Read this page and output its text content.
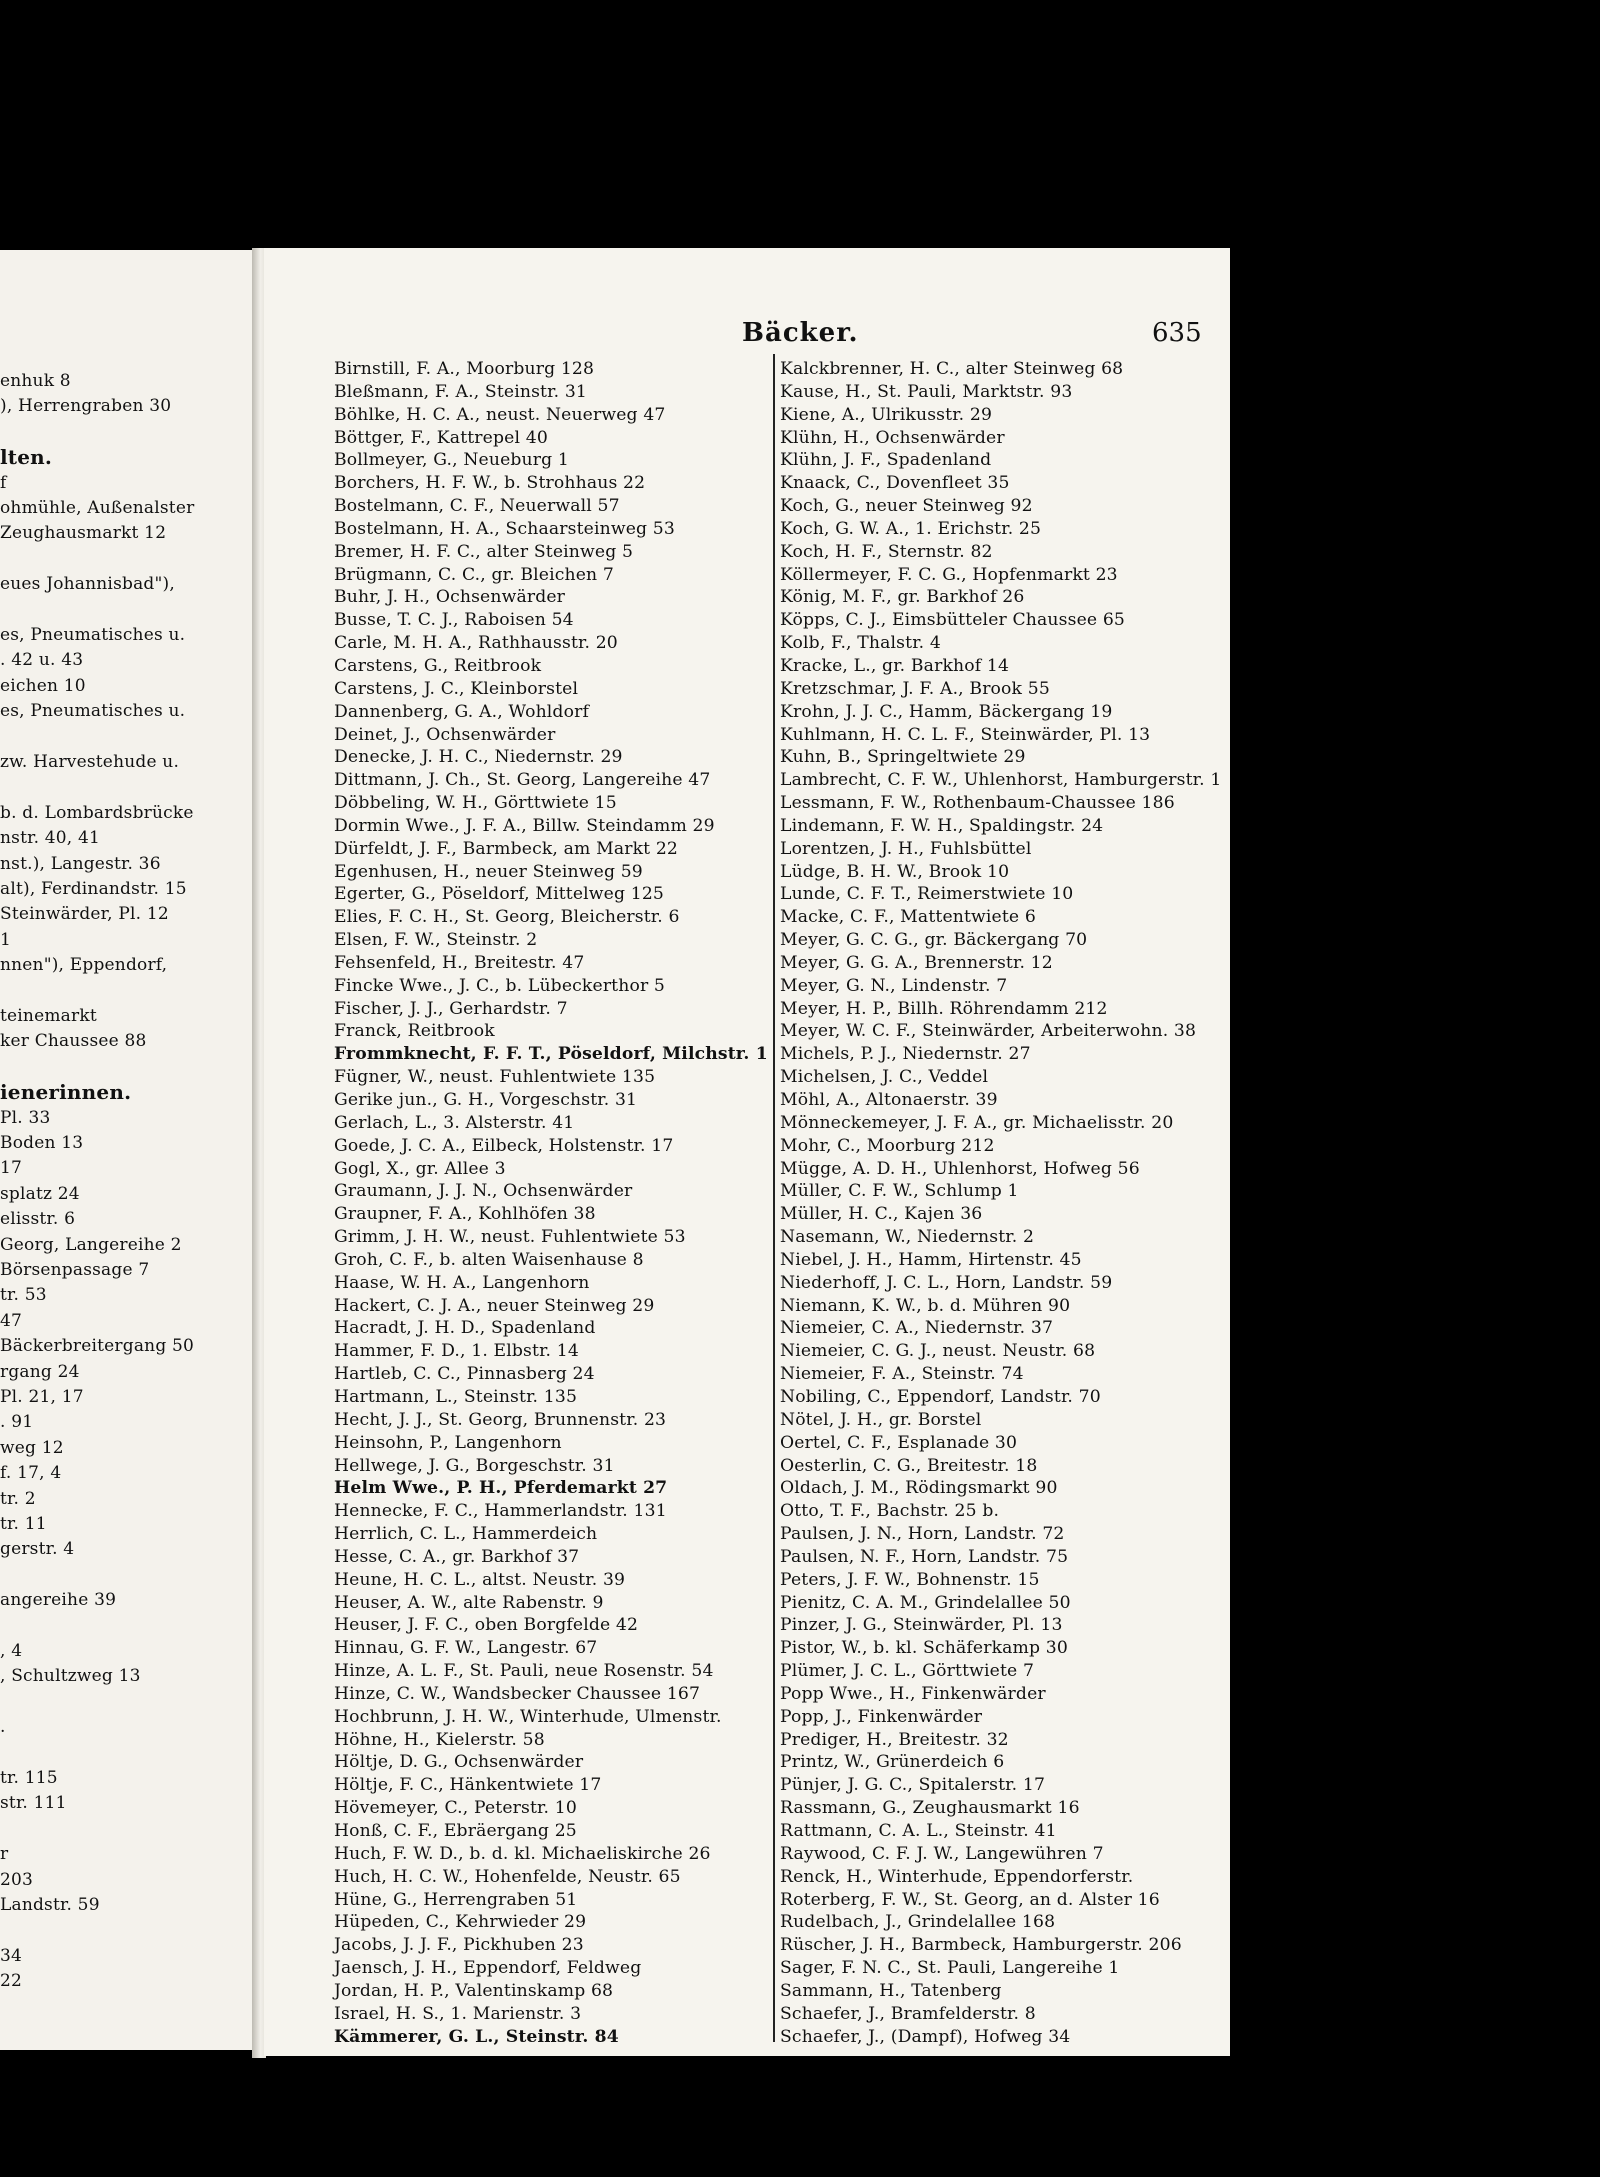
enhuk 8
), Herrengraben 30
lten.
f
ohmühle, Außenalster
Zeughausmarkt 12
eues Johannisbad"),
es, Pneumatisches u.
. 42 u. 43
eichen 10
es, Pneumatisches u.
zw. Harvestehude u.
b. d. Lombardsbrücke
nstr. 40, 41
nst.), Langestr. 36
alt), Ferdinandstr. 15
Steinwärder, Pl. 12
1
nnen"), Eppendorf,
teinemarkt
ker Chaussee 88
ienerinnen.
Pl. 33
Boden 13
17
splatz 24
elisstr. 6
Georg, Langereihe 2
Börsenpassage 7
tr. 53
47
Bäckerbreitergang 50
rgang 24
Pl. 21, 17
. 91
weg 12
f. 17, 4
tr. 2
tr. 11
gerstr. 4
angereihe 39
, 4
, Schultzweg 13
.
tr. 115
str. 111
r
203
Landstr. 59
34
22
Bäcker.	635
Birnstill, F. A., Moorburg 128
Bleßmann, F. A., Steinstr. 31
Böhlke, H. C. A., neust. Neuerweg 47
Böttger, F., Kattrepel 40
Bollmeyer, G., Neueburg 1
Borchers, H. F. W., b. Strohhaus 22
Bostelmann, C. F., Neuerwall 57
Bostelmann, H. A., Schaarsteinweg 53
Bremer, H. F. C., alter Steinweg 5
Brügmann, C. C., gr. Bleichen 7
Buhr, J. H., Ochsenwärder
Busse, T. C. J., Raboisen 54
Carle, M. H. A., Rathhausstr. 20
Carstens, G., Reitbrook
Carstens, J. C., Kleinborstel
Dannenberg, G. A., Wohldorf
Deinet, J., Ochsenwärder
Denecke, J. H. C., Niedernstr. 29
Dittmann, J. Ch., St. Georg, Langereihe 47
Döbbeling, W. H., Görttwiete 15
Dormin Wwe., J. F. A., Billw. Steindamm 29
Dürfeldt, J. F., Barmbeck, am Markt 22
Egenhusen, H., neuer Steinweg 59
Egerter, G., Pöseldorf, Mittelweg 125
Elies, F. C. H., St. Georg, Bleicherstr. 6
Elsen, F. W., Steinstr. 2
Fehsenfeld, H., Breitestr. 47
Fincke Wwe., J. C., b. Lübeckerthor 5
Fischer, J. J., Gerhardstr. 7
Franck, Reitbrook
Frommknecht, F. F. T., Pöseldorf, Milchstr. 1
Fügner, W., neust. Fuhlentwiete 135
Gerike jun., G. H., Vorgeschstr. 31
Gerlach, L., 3. Alsterstr. 41
Goede, J. C. A., Eilbeck, Holstenstr. 17
Gogl, X., gr. Allee 3
Graumann, J. J. N., Ochsenwärder
Graupner, F. A., Kohlhöfen 38
Grimm, J. H. W., neust. Fuhlentwiete 53
Groh, C. F., b. alten Waisenhause 8
Haase, W. H. A., Langenhorn
Hackert, C. J. A., neuer Steinweg 29
Hacradt, J. H. D., Spadenland
Hammer, F. D., 1. Elbstr. 14
Hartleb, C. C., Pinnasberg 24
Hartmann, L., Steinstr. 135
Hecht, J. J., St. Georg, Brunnenstr. 23
Heinsohn, P., Langenhorn
Hellwege, J. G., Borgeschstr. 31
Helm Wwe., P. H., Pferdemarkt 27
Hennecke, F. C., Hammerlandstr. 131
Herrlich, C. L., Hammerdeich
Hesse, C. A., gr. Barkhof 37
Heune, H. C. L., altst. Neustr. 39
Heuser, A. W., alte Rabenstr. 9
Heuser, J. F. C., oben Borgfelde 42
Hinnau, G. F. W., Langestr. 67
Hinze, A. L. F., St. Pauli, neue Rosenstr. 54
Hinze, C. W., Wandsbecker Chaussee 167
Hochbrunn, J. H. W., Winterhude, Ulmenstr.
Höhne, H., Kielerstr. 58
Höltje, D. G., Ochsenwärder
Höltje, F. C., Hänkentwiete 17
Hövemeyer, C., Peterstr. 10
Honß, C. F., Ebräergang 25
Huch, F. W. D., b. d. kl. Michaeliskirche 26
Huch, H. C. W., Hohenfelde, Neustr. 65
Hüne, G., Herrengraben 51
Hüpeden, C., Kehrwieder 29
Jacobs, J. J. F., Pickhuben 23
Jaensch, J. H., Eppendorf, Feldweg
Jordan, H. P., Valentinskamp 68
Israel, H. S., 1. Marienstr. 3
Kämmerer, G. L., Steinstr. 84
Kalckbrenner, H. C., alter Steinweg 68
Kause, H., St. Pauli, Marktstr. 93
Kiene, A., Ulrikusstr. 29
Klühn, H., Ochsenwärder
Klühn, J. F., Spadenland
Knaack, C., Dovenfleet 35
Koch, G., neuer Steinweg 92
Koch, G. W. A., 1. Erichstr. 25
Koch, H. F., Sternstr. 82
Köllermeyer, F. C. G., Hopfenmarkt 23
König, M. F., gr. Barkhof 26
Köpps, C. J., Eimsbütteler Chaussee 65
Kolb, F., Thalstr. 4
Kracke, L., gr. Barkhof 14
Kretzschmar, J. F. A., Brook 55
Krohn, J. J. C., Hamm, Bäckergang 19
Kuhlmann, H. C. L. F., Steinwärder, Pl. 13
Kuhn, B., Springeltwiete 29
Lambrecht, C. F. W., Uhlenhorst, Hamburgerstr. 1
Lessmann, F. W., Rothenbaum-Chaussee 186
Lindemann, F. W. H., Spaldingstr. 24
Lorentzen, J. H., Fuhlsbüttel
Lüdge, B. H. W., Brook 10
Lunde, C. F. T., Reimerstwiete 10
Macke, C. F., Mattentwiete 6
Meyer, G. C. G., gr. Bäckergang 70
Meyer, G. G. A., Brennerstr. 12
Meyer, G. N., Lindenstr. 7
Meyer, H. P., Billh. Röhrendamm 212
Meyer, W. C. F., Steinwärder, Arbeiterwohn. 38
Michels, P. J., Niedernstr. 27
Michelsen, J. C., Veddel
Möhl, A., Altonaerstr. 39
Mönneckemeyer, J. F. A., gr. Michaelisstr. 20
Mohr, C., Moorburg 212
Mügge, A. D. H., Uhlenhorst, Hofweg 56
Müller, C. F. W., Schlump 1
Müller, H. C., Kajen 36
Nasemann, W., Niedernstr. 2
Niebel, J. H., Hamm, Hirtenstr. 45
Niederhoff, J. C. L., Horn, Landstr. 59
Niemann, K. W., b. d. Mühren 90
Niemeier, C. A., Niedernstr. 37
Niemeier, C. G. J., neust. Neustr. 68
Niemeier, F. A., Steinstr. 74
Nobiling, C., Eppendorf, Landstr. 70
Nötel, J. H., gr. Borstel
Oertel, C. F., Esplanade 30
Oesterlin, C. G., Breitestr. 18
Oldach, J. M., Rödingsmarkt 90
Otto, T. F., Bachstr. 25 b.
Paulsen, J. N., Horn, Landstr. 72
Paulsen, N. F., Horn, Landstr. 75
Peters, J. F. W., Bohnenstr. 15
Pienitz, C. A. M., Grindelallee 50
Pinzer, J. G., Steinwärder, Pl. 13
Pistor, W., b. kl. Schäferkamp 30
Plümer, J. C. L., Görttwiete 7
Popp Wwe., H., Finkenwärder
Popp, J., Finkenwärder
Prediger, H., Breitestr. 32
Printz, W., Grünerdeich 6
Pünjer, J. G. C., Spitalerstr. 17
Rassmann, G., Zeughausmarkt 16
Rattmann, C. A. L., Steinstr. 41
Raywood, C. F. J. W., Langewühren 7
Renck, H., Winterhude, Eppendorferstr.
Roterberg, F. W., St. Georg, an d. Alster 16
Rudelbach, J., Grindelallee 168
Rüscher, J. H., Barmbeck, Hamburgerstr. 206
Sager, F. N. C., St. Pauli, Langereihe 1
Sammann, H., Tatenberg
Schaefer, J., Bramfelderstr. 8
Schaefer, J., (Dampf), Hofweg 34
